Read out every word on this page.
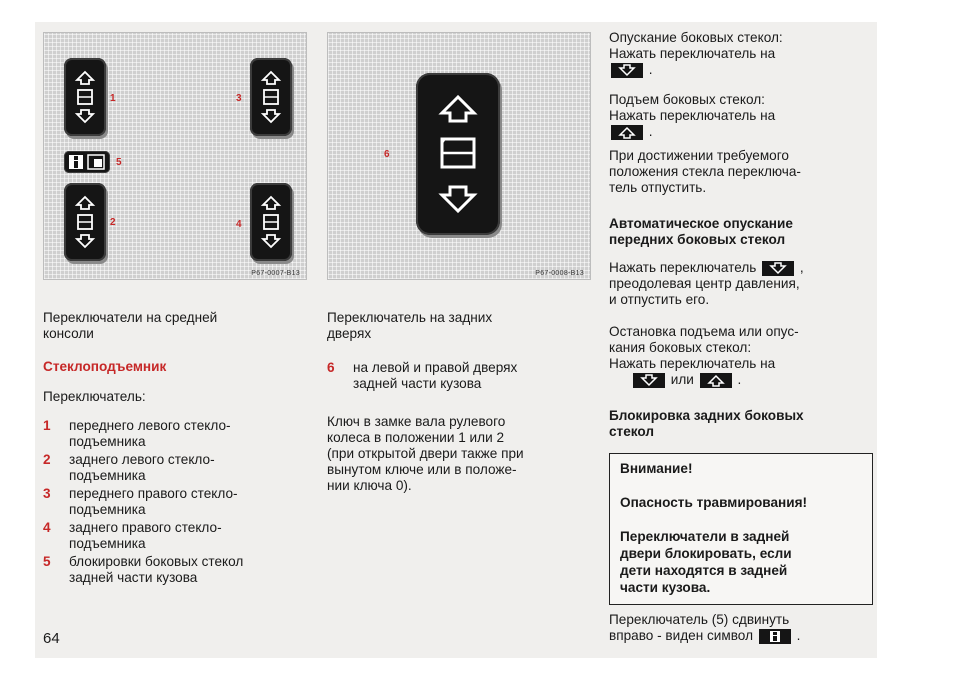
1	3
5
2	4
P67-0007-B13
6
P67-0008-B13
Переключатели на средней
консоли
Стеклоподъемник
Переключатель:
1 переднего левого стекло-
подъемника
2 заднего левого стекло-
подъемника
3 переднего правого стекло-
подъемника
4 заднего правого стекло-
подъемника
5 блокировки боковых стекол
задней части кузова
64
Переключатель на задних
дверях
6 на левой и правой дверях
задней части кузова
Ключ в замке вала рулевого
колеса в положении 1 или 2
(при открытой двери также при
вынутом ключе или в положе-
нии ключа 0).
Опускание боковых стекол:
Нажать переключатель на
.
Подъем боковых стекол:
Нажать переключатель на
.
При достижении требуемого
положения стекла переключа-
тель отпустить.
Автоматическое опускание
передних боковых стекол
Нажать переключатель	,
преодолевая центр давления,
и отпустить его.
Остановка подъема или опус-
кания боковых стекол:
Нажать переключатель на
или	.
Блокировка задних боковых
стекол
Внимание!
Опасность травмирования!
Переключатели в задней
двери блокировать, если
дети находятся в задней
части кузова.
Переключатель (5) сдвинуть
вправо - виден символ	.
